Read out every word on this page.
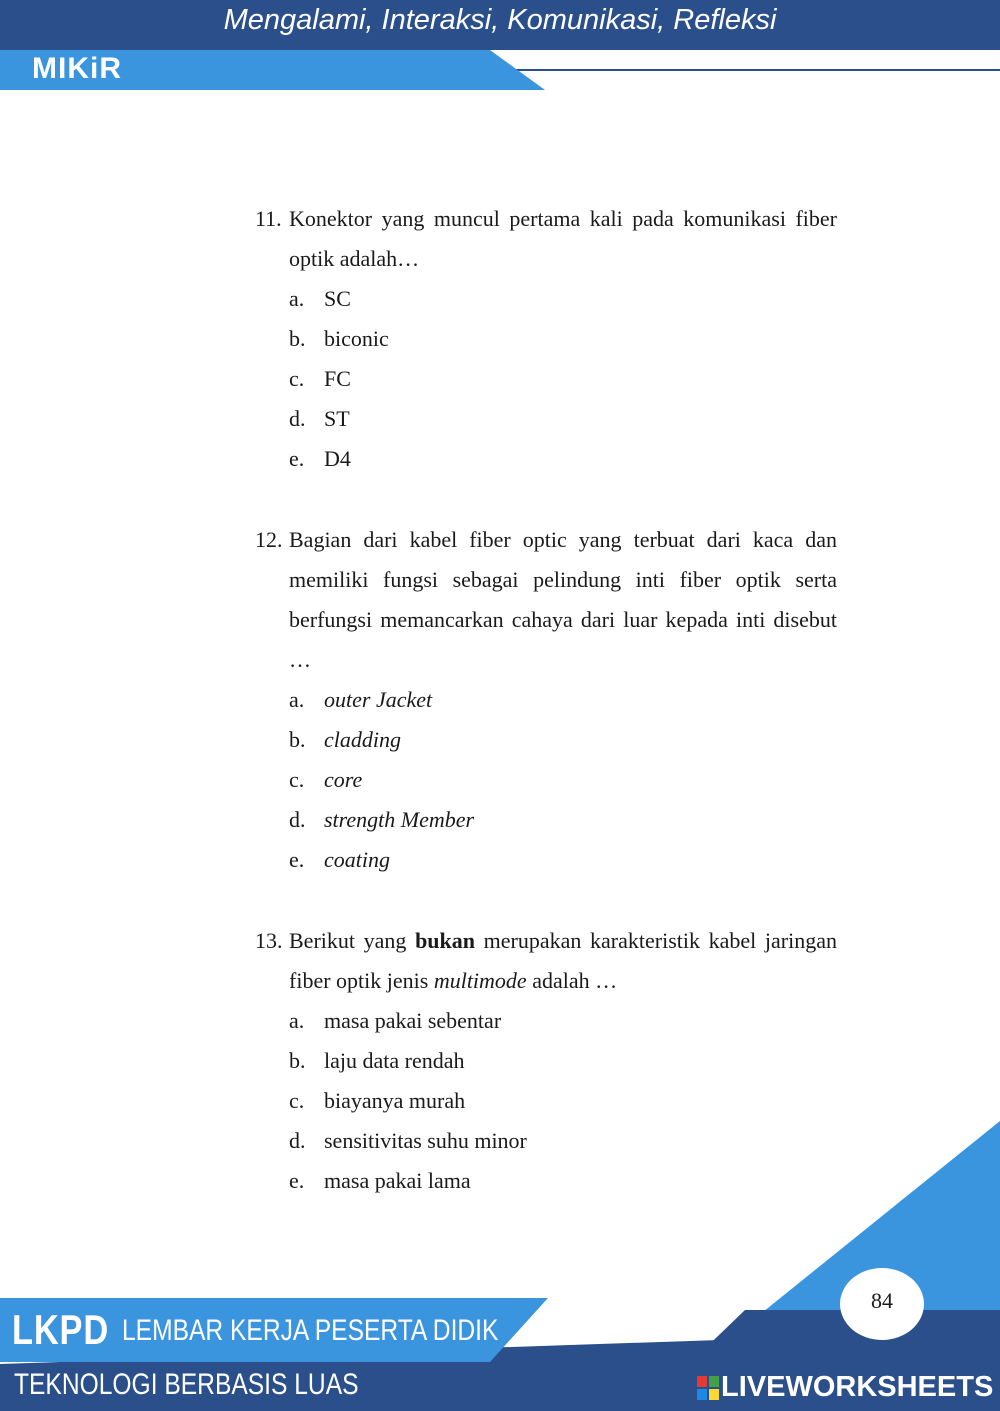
Mengalami, Interaksi, Komunikasi, Refleksi
MIKiR
11. Konektor yang muncul pertama kali pada komunikasi fiber optik adalah…
a. SC
b. biconic
c. FC
d. ST
e. D4
12. Bagian dari kabel fiber optic yang terbuat dari kaca dan memiliki fungsi sebagai pelindung inti fiber optik serta berfungsi memancarkan cahaya dari luar kepada inti disebut …
a. outer Jacket
b. cladding
c. core
d. strength Member
e. coating
13. Berikut yang bukan merupakan karakteristik kabel jaringan fiber optik jenis multimode adalah …
a. masa pakai sebentar
b. laju data rendah
c. biayanya murah
d. sensitivitas suhu minor
e. masa pakai lama
LKPD LEMBAR KERJA PESERTA DIDIK
TEKNOLOGI BERBASIS LUAS
84
LIVEWORKSHEETS
